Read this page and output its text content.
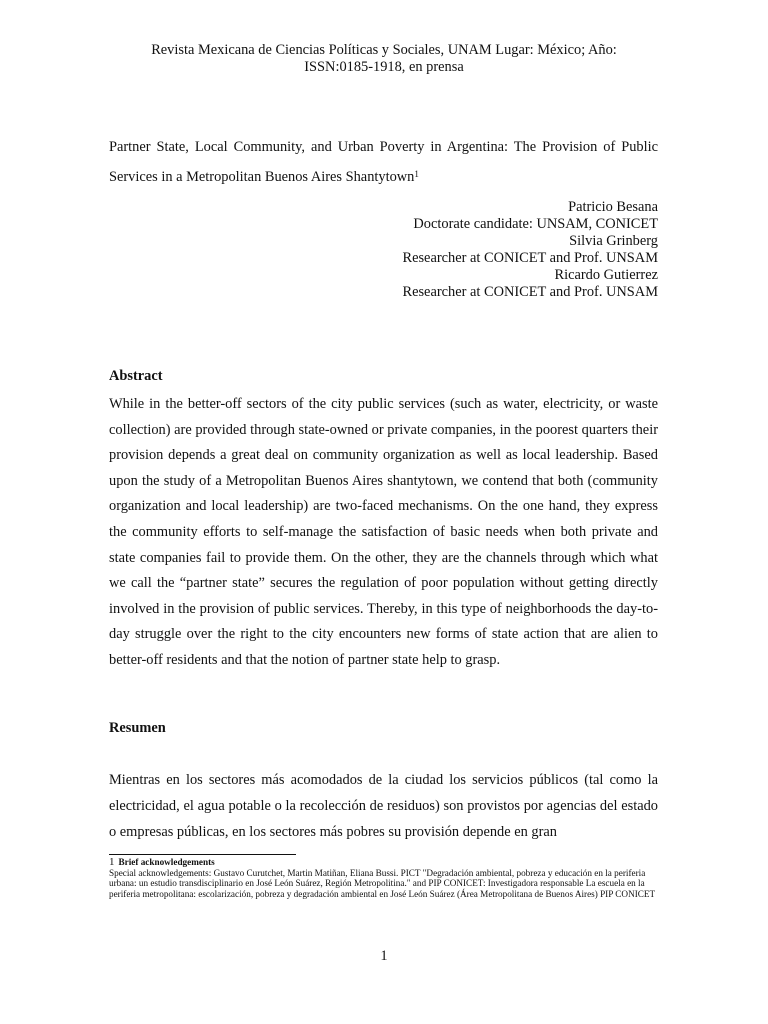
Revista Mexicana de Ciencias Políticas y Sociales, UNAM Lugar: México; Año:
ISSN:0185-1918, en prensa
Partner State, Local Community, and Urban Poverty in Argentina: The Provision of Public Services in a Metropolitan Buenos Aires Shantytown$^1$
Patricio Besana
Doctorate candidate: UNSAM, CONICET
Silvia Grinberg
Researcher at CONICET and Prof. UNSAM
Ricardo Gutierrez
Researcher at CONICET and Prof. UNSAM
Abstract
While in the better-off sectors of the city public services (such as water, electricity, or waste collection) are provided through state-owned or private companies, in the poorest quarters their provision depends a great deal on community organization as well as local leadership. Based upon the study of a Metropolitan Buenos Aires shantytown, we contend that both (community organization and local leadership) are two-faced mechanisms. On the one hand, they express the community efforts to self-manage the satisfaction of basic needs when both private and state companies fail to provide them. On the other, they are the channels through which what we call the “partner state” secures the regulation of poor population without getting directly involved in the provision of public services. Thereby, in this type of neighborhoods the day-to-day struggle over the right to the city encounters new forms of state action that are alien to better-off residents and that the notion of partner state help to grasp.
Resumen
Mientras en los sectores más acomodados de la ciudad los servicios públicos (tal como la electricidad, el agua potable o la recolección de residuos) son provistos por agencias del estado o empresas públicas, en los sectores más pobres su provisión depende en gran
1 Brief acknowledgements
Special acknowledgements: Gustavo Curutchet, Martin Matiñan, Eliana Bussi. PICT "Degradación ambiental, pobreza y educación en la periferia urbana: un estudio transdisciplinario en José León Suárez, Región Metropolitina." and PIP CONICET: Investigadora responsable La escuela en la periferia metropolitana: escolarización, pobreza y degradación ambiental en José León Suárez (Área Metropolitana de Buenos Aires) PIP CONICET
1
